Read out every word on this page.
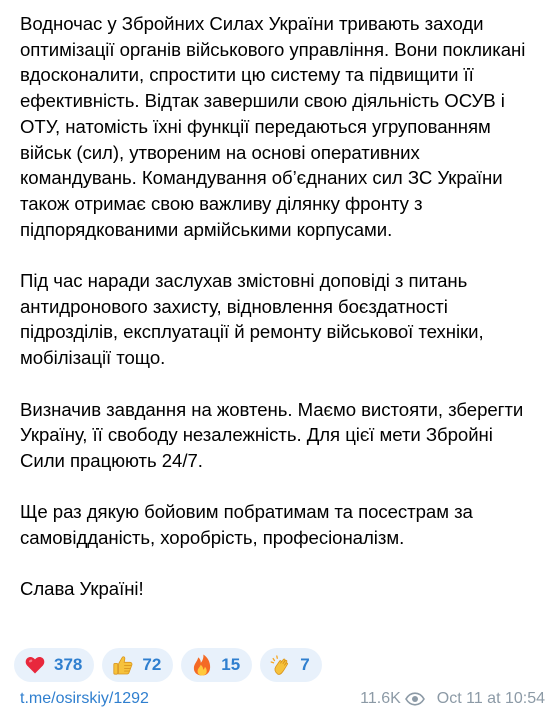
Водночас у Збройних Силах України тривають заходи оптимізації органів військового управління. Вони покликані вдосконалити, спростити цю систему та підвищити її ефективність. Відтак завершили свою діяльність ОСУВ і ОТУ, натомість їхні функції передаються угрупованням військ (сил), утвореним на основі оперативних командувань. Командування об’єднаних сил ЗС України також отримає свою важливу ділянку фронту з підпорядкованими армійськими корпусами.

Під час наради заслухав змістовні доповіді з питань антидронового захисту, відновлення боєздатності підрозділів, експлуатації й ремонту військової техніки, мобілізації тощо.

Визначив завдання на жовтень. Маємо вистояти, зберегти Україну, її свободу незалежність. Для цієї мети Збройні Сили працюють 24/7.

Ще раз дякую бойовим побратимам та посестрам за самовідданість, хоробрість, професіоналізм.

Слава Україні!

378	72	15	7
t.me/osirskiy/1292	11.6K Oct 11 at 10:54
